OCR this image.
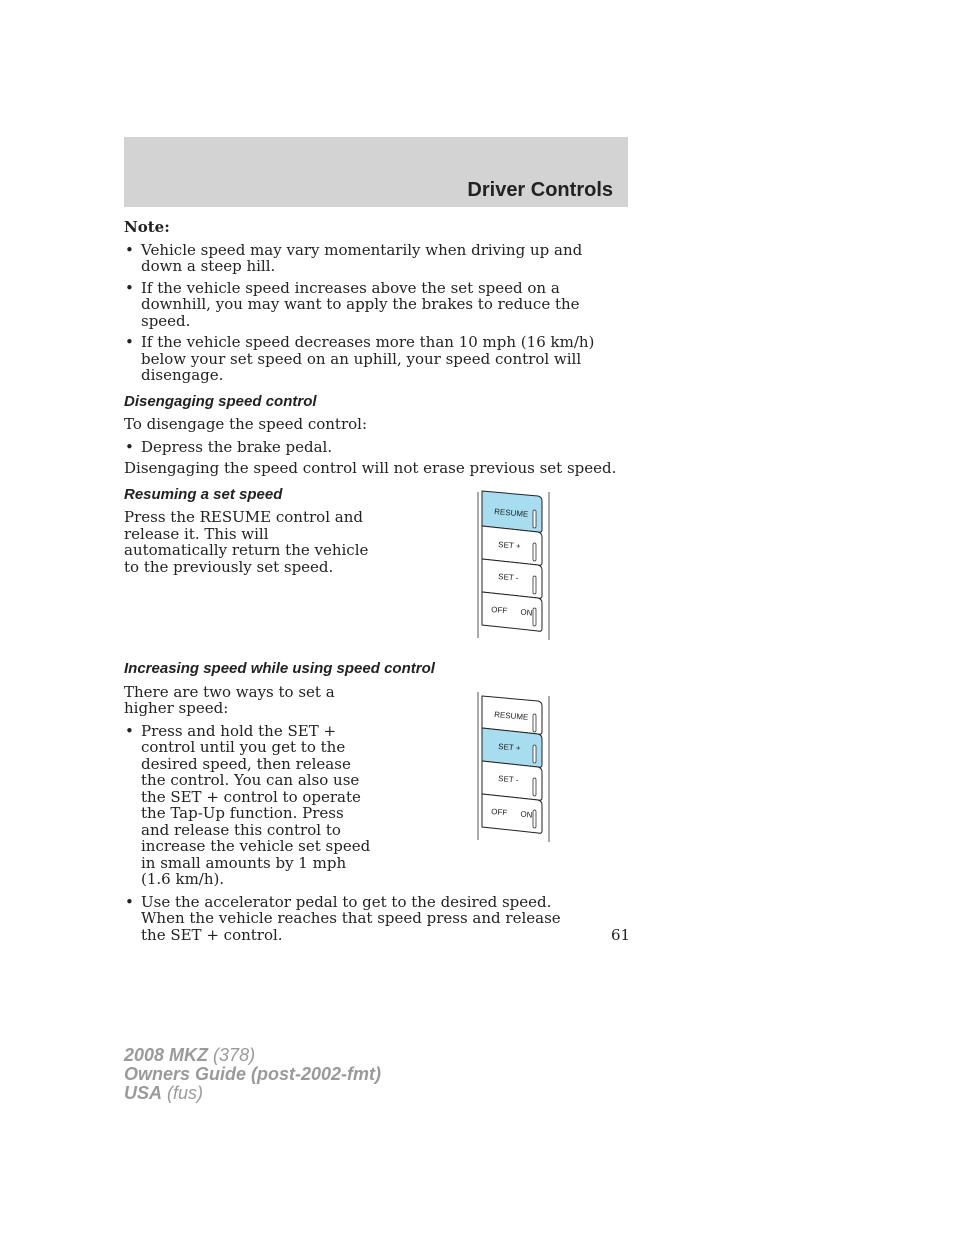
Driver Controls
Note:
• Vehicle speed may vary momentarily when driving up and down a steep hill.
• If the vehicle speed increases above the set speed on a downhill, you may want to apply the brakes to reduce the speed.
• If the vehicle speed decreases more than 10 mph (16 km/h) below your set speed on an uphill, your speed control will disengage.
Disengaging speed control

To disengage the speed control:

• Depress the brake pedal.

Disengaging the speed control will not erase previous set speed.

Resuming a set speed

Press the RESUME control and release it. This will automatically return the vehicle to the previously set speed.

RESUME
SET +
SET -
OFF      ON
Increasing speed while using speed control

There are two ways to set a higher speed:

• Press and hold the SET + control until you get to the desired speed, then release the control. You can also use the SET + control to operate the Tap-Up function. Press and release this control to increase the vehicle set speed in small amounts by 1 mph (1.6 km/h).
• Use the accelerator pedal to get to the desired speed. When the vehicle reaches that speed press and release the SET + control.
RESUME
SET +
SET -
OFF      ON
61
2008 MKZ (378)
Owners Guide (post-2002-fmt)
USA (fus)
